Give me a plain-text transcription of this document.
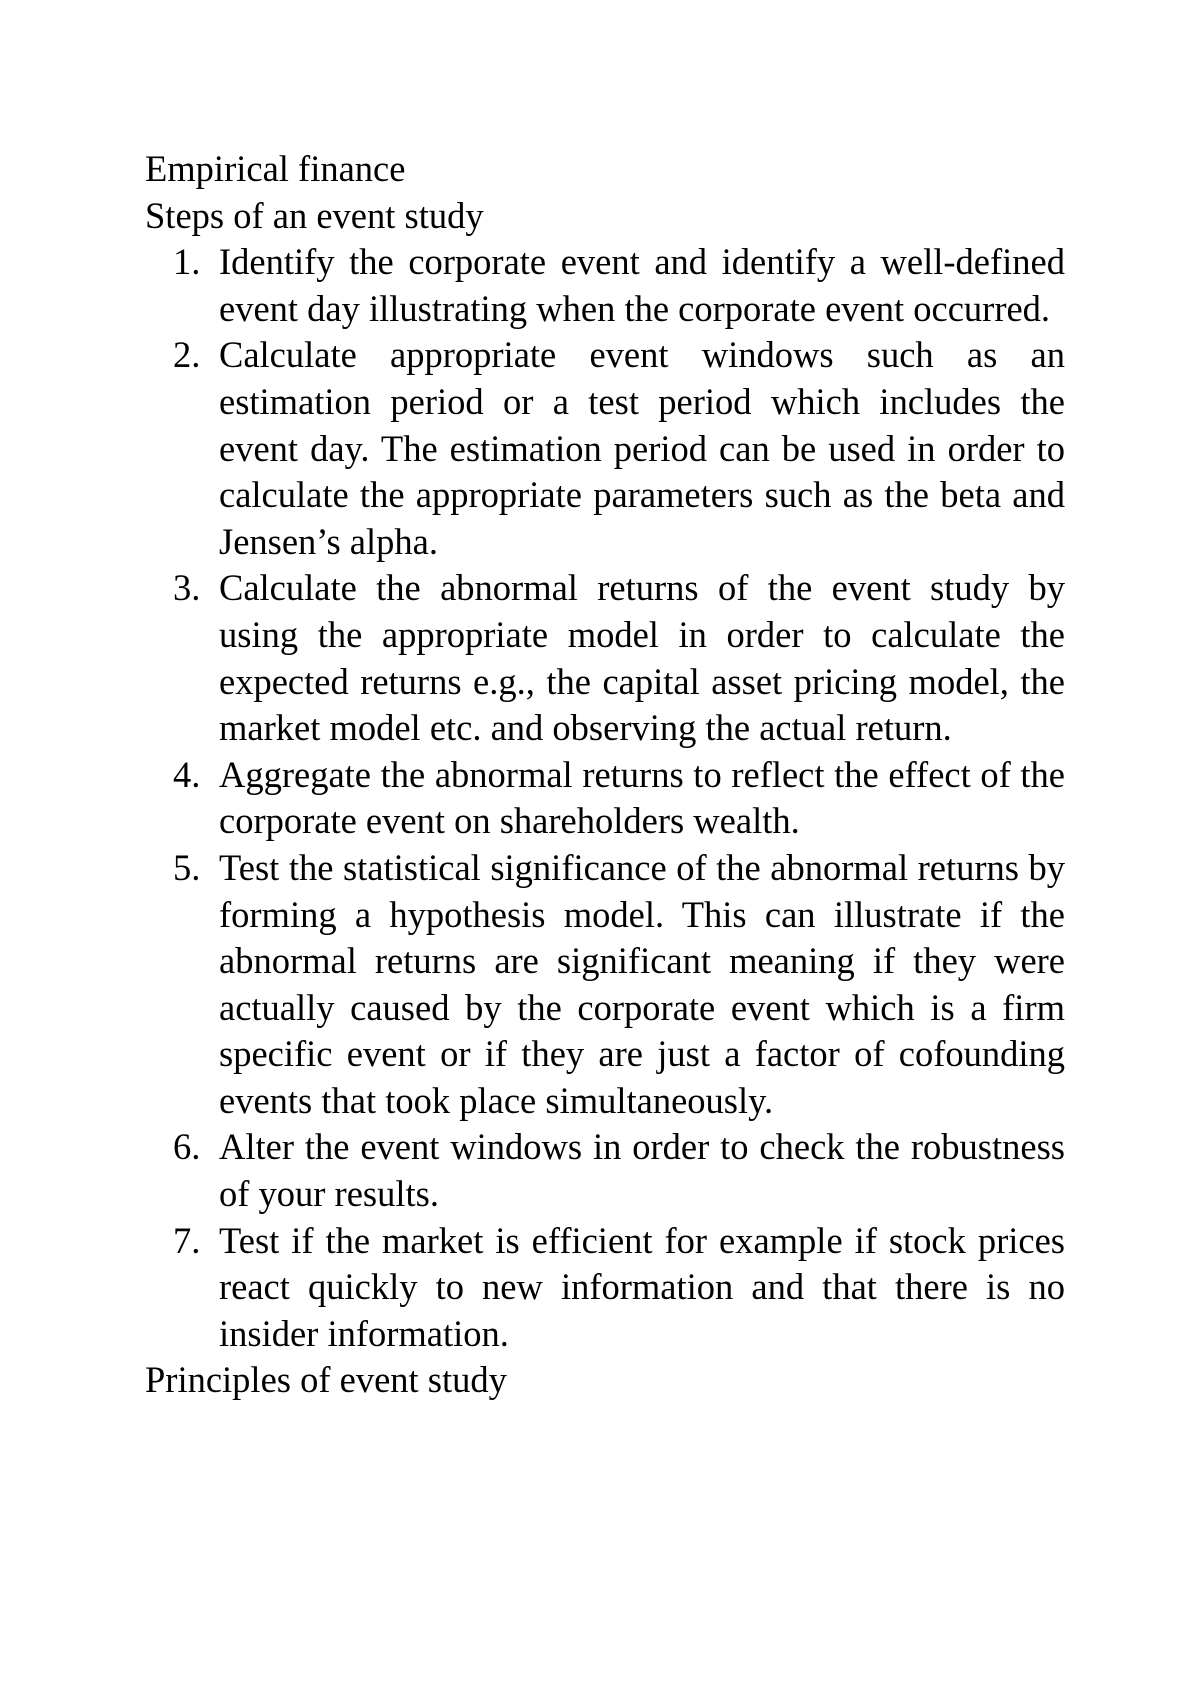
Empirical finance

Steps of an event study

1. Identify the corporate event and identify a well-defined event day illustrating when the corporate event occurred.
2. Calculate appropriate event windows such as an estimation period or a test period which includes the event day. The estimation period can be used in order to calculate the appropriate parameters such as the beta and Jensen’s alpha.
3. Calculate the abnormal returns of the event study by using the appropriate model in order to calculate the expected returns e.g., the capital asset pricing model, the market model etc. and observing the actual return.
4. Aggregate the abnormal returns to reflect the effect of the corporate event on shareholders wealth.
5. Test the statistical significance of the abnormal returns by forming a hypothesis model. This can illustrate if the abnormal returns are significant meaning if they were actually caused by the corporate event which is a firm specific event or if they are just a factor of cofounding events that took place simultaneously.
6. Alter the event windows in order to check the robustness of your results.
7. Test if the market is efficient for example if stock prices react quickly to new information and that there is no insider information.

Principles of event study
